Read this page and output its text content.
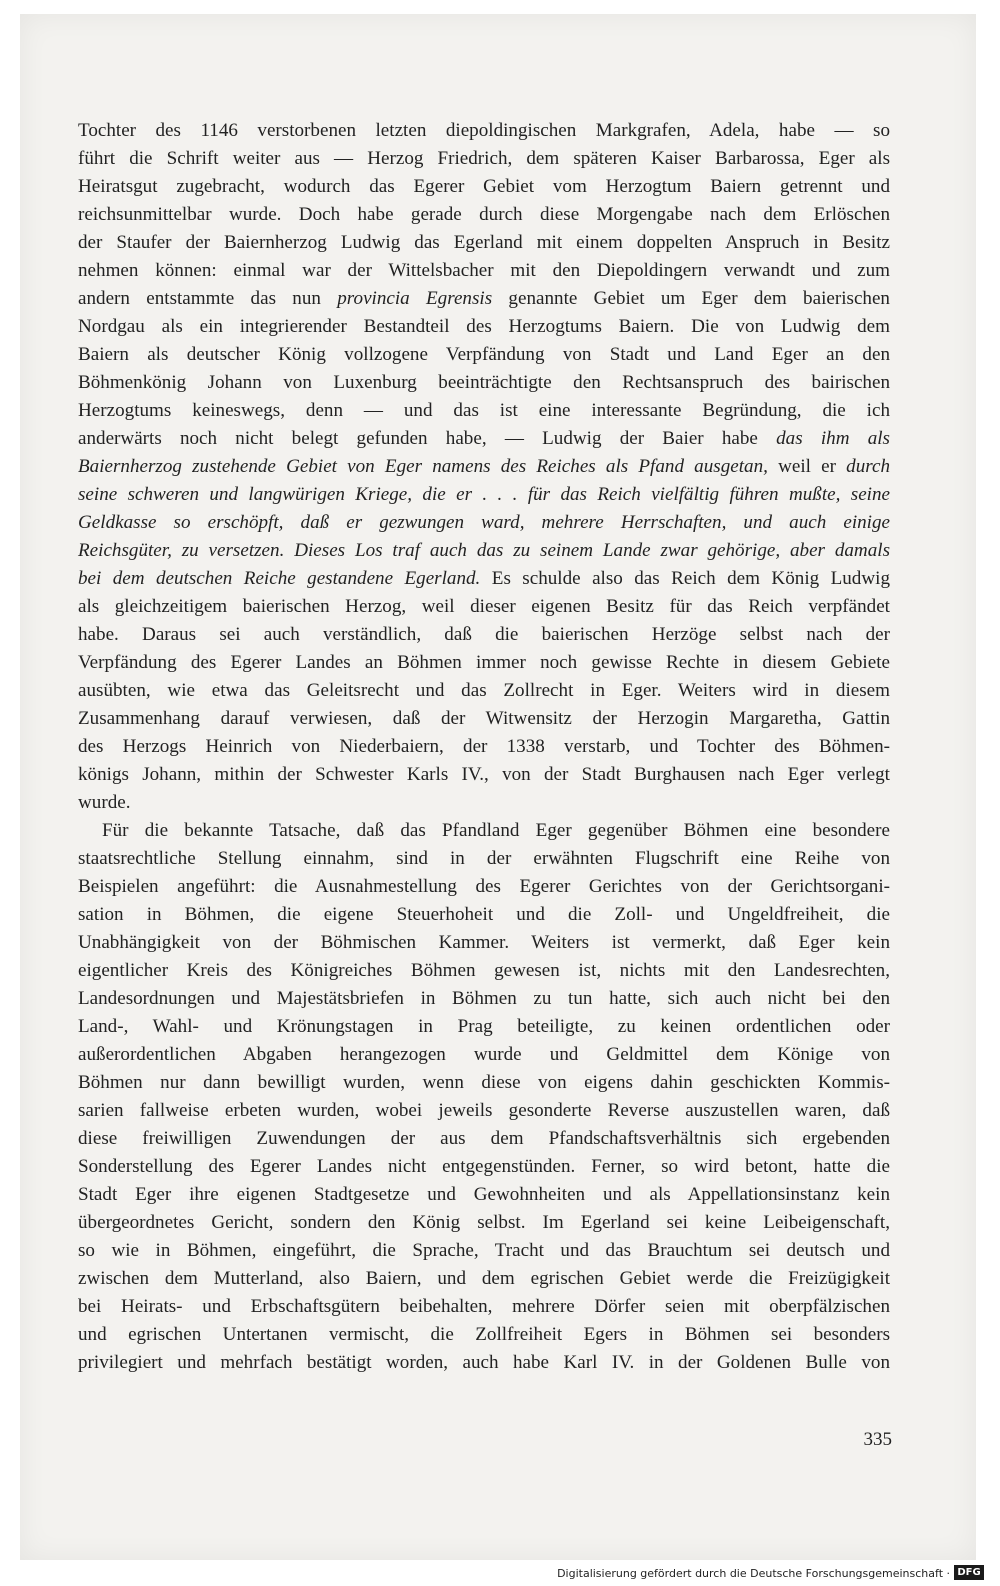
Tochter des 1146 verstorbenen letzten diepoldingischen Markgrafen, Adela, habe — so
führt die Schrift weiter aus — Herzog Friedrich, dem späteren Kaiser Barbarossa, Eger als
Heiratsgut zugebracht, wodurch das Egerer Gebiet vom Herzogtum Baiern getrennt und
reichsunmittelbar wurde. Doch habe gerade durch diese Morgengabe nach dem Erlöschen
der Staufer der Baiernherzog Ludwig das Egerland mit einem doppelten Anspruch in Besitz
nehmen können: einmal war der Wittelsbacher mit den Diepoldingern verwandt und zum
andern entstammte das nun provincia Egrensis genannte Gebiet um Eger dem baierischen
Nordgau als ein integrierender Bestandteil des Herzogtums Baiern. Die von Ludwig dem
Baiern als deutscher König vollzogene Verpfändung von Stadt und Land Eger an den
Böhmenkönig Johann von Luxenburg beeinträchtigte den Rechtsanspruch des bairischen
Herzogtums keineswegs, denn — und das ist eine interessante Begründung, die ich
anderwärts noch nicht belegt gefunden habe, — Ludwig der Baier habe das ihm als
Baiernherzog zustehende Gebiet von Eger namens des Reiches als Pfand ausgetan, weil er durch
seine schweren und langwürigen Kriege, die er . . . für das Reich vielfältig führen mußte, seine
Geldkasse so erschöpft, daß er gezwungen ward, mehrere Herrschaften, und auch einige
Reichsgüter, zu versetzen. Dieses Los traf auch das zu seinem Lande zwar gehörige, aber damals
bei dem deutschen Reiche gestandene Egerland. Es schulde also das Reich dem König Ludwig
als gleichzeitigem baierischen Herzog, weil dieser eigenen Besitz für das Reich verpfändet
habe. Daraus sei auch verständlich, daß die baierischen Herzöge selbst nach der
Verpfändung des Egerer Landes an Böhmen immer noch gewisse Rechte in diesem Gebiete
ausübten, wie etwa das Geleitsrecht und das Zollrecht in Eger. Weiters wird in diesem
Zusammenhang darauf verwiesen, daß der Witwensitz der Herzogin Margaretha, Gattin
des Herzogs Heinrich von Niederbaiern, der 1338 verstarb, und Tochter des Böhmen-
königs Johann, mithin der Schwester Karls IV., von der Stadt Burghausen nach Eger verlegt
wurde.
Für die bekannte Tatsache, daß das Pfandland Eger gegenüber Böhmen eine besondere
staatsrechtliche Stellung einnahm, sind in der erwähnten Flugschrift eine Reihe von
Beispielen angeführt: die Ausnahmestellung des Egerer Gerichtes von der Gerichtsorgani-
sation in Böhmen, die eigene Steuerhoheit und die Zoll- und Ungeldfreiheit, die
Unabhängigkeit von der Böhmischen Kammer. Weiters ist vermerkt, daß Eger kein
eigentlicher Kreis des Königreiches Böhmen gewesen ist, nichts mit den Landesrechten,
Landesordnungen und Majestätsbriefen in Böhmen zu tun hatte, sich auch nicht bei den
Land-, Wahl- und Krönungstagen in Prag beteiligte, zu keinen ordentlichen oder
außerordentlichen Abgaben herangezogen wurde und Geldmittel dem Könige von
Böhmen nur dann bewilligt wurden, wenn diese von eigens dahin geschickten Kommis-
sarien fallweise erbeten wurden, wobei jeweils gesonderte Reverse auszustellen waren, daß
diese freiwilligen Zuwendungen der aus dem Pfandschaftsverhältnis sich ergebenden
Sonderstellung des Egerer Landes nicht entgegenstünden. Ferner, so wird betont, hatte die
Stadt Eger ihre eigenen Stadtgesetze und Gewohnheiten und als Appellationsinstanz kein
übergeordnetes Gericht, sondern den König selbst. Im Egerland sei keine Leibeigenschaft,
so wie in Böhmen, eingeführt, die Sprache, Tracht und das Brauchtum sei deutsch und
zwischen dem Mutterland, also Baiern, und dem egrischen Gebiet werde die Freizügigkeit
bei Heirats- und Erbschaftsgütern beibehalten, mehrere Dörfer seien mit oberpfälzischen
und egrischen Untertanen vermischt, die Zollfreiheit Egers in Böhmen sei besonders
privilegiert und mehrfach bestätigt worden, auch habe Karl IV. in der Goldenen Bulle von
335
Digitalisierung gefördert durch die Deutsche Forschungsgemeinschaft · DFG
